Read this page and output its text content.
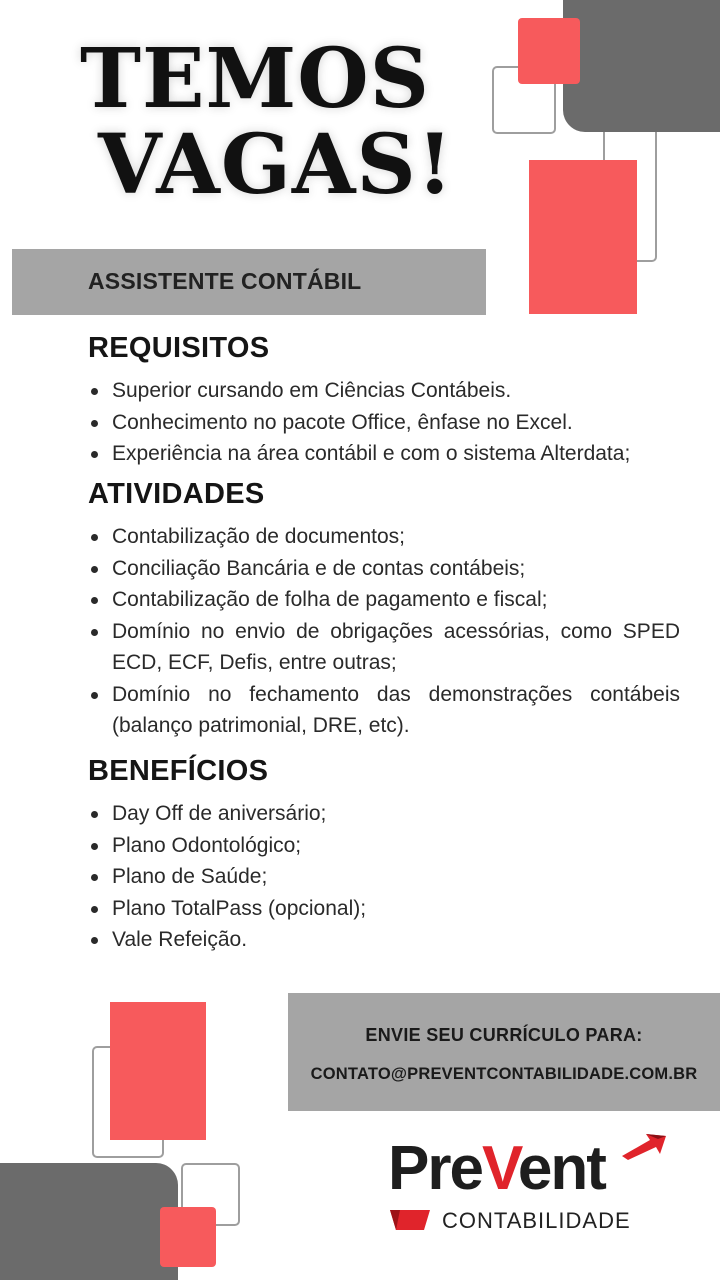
TEMOS
VAGAS!
ASSISTENTE CONTÁBIL
REQUISITOS
Superior cursando em Ciências Contábeis.
Conhecimento no pacote Office, ênfase no Excel.
Experiência na área contábil e com o sistema Alterdata;
ATIVIDADES
Contabilização de documentos;
Conciliação Bancária e de contas contábeis;
Contabilização de folha de pagamento e fiscal;
Domínio no envio de obrigações acessórias, como SPED ECD, ECF, Defis, entre outras;
Domínio no fechamento das demonstrações contábeis (balanço patrimonial, DRE, etc).
BENEFÍCIOS
Day Off de aniversário;
Plano Odontológico;
Plano de Saúde;
Plano TotalPass (opcional);
Vale Refeição.
ENVIE SEU CURRÍCULO PARA:
CONTATO@PREVENTCONTABILIDADE.COM.BR
PreVent
CONTABILIDADE
